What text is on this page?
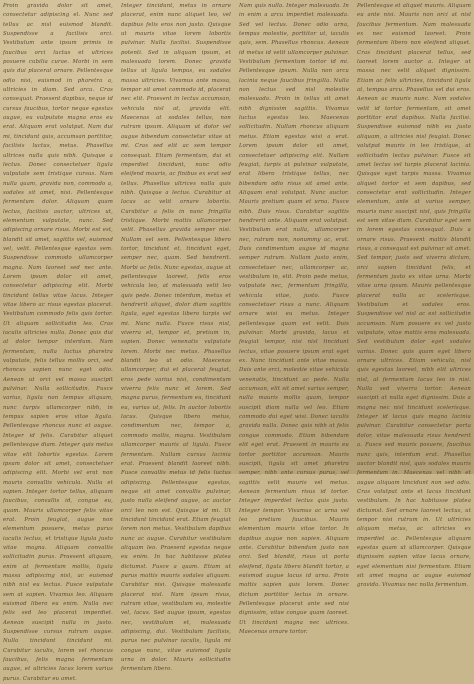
Proin gravida dolor sit amet, consectetur adipiscing el. Nunc sed tellus ac nisl euismod blandit. Suspendisse a facilisis orci. Vestibulum ante ipsum primis in faucibus orci luctus et ultrices posuere cubilia curae. Morbi in sem quis dui placerat ornare. Pellentesque odio nisi, euismod in pharetra a, ultricies in diam. Sed arcu. Cras consequat. Praesent dapibus, neque id cursus faucibus, tortor neque egestas augue, eu vulputate magna eros eu erat. Aliquam erat volutpat. Nam dui mi, tincidunt quis, accumsan porttitor, facilisis luctus, metus. Phasellus ultrices nulla quis nibh. Quisque a lectus. Donec consectetuer ligula vulputate sem tristique cursus. Nam nulla quam, gravida non, commodo a, sodales sit amet, nisi. Pellentesque fermentum dolor. Aliquam quam lectus, facilisis auctor, ultrices ut, elementum vulputate, nunc. Sed adipiscing ornare risus. Morbi est est, blandit sit amet, sagittis vel, euismod vel, velit. Pellentesque egestas sem. Suspendisse commodo ullamcorper magna. Nam laoreet sed nec ante. Lorem ipsum dolor sit amet, consectetur adipiscing elit. Morbi tincidunt tellus vitae lacus. Integer vitae libero ac risus egestas placerat. Vestibulum commodo felis quis tortor. Ut aliquam sollicitudin leo. Cras iaculis ultricies nulla. Donec quis dui at dolor tempor interdum. Nam fermentum, nulla luctus pharetra vulputate, felis tellus mollis orci, sed rhoncus sapien nunc eget odio. Aenean ut orci vel massa suscipit pulvinar. Nulla sollicitudin. Fusce varius, ligula non tempus aliquam, nunc turpis ullamcorper nibh, in tempus sapien eros vitae ligula. Pellentesque rhoncus nunc et augue. Integer id felis. Curabitur aliquet pellentesque diam. Integer quis metus vitae elit lobortis egestas. Lorem ipsum dolor sit amet, consectetuer adipiscing elit. Morbi vel erat non mauris convallis vehicula. Nulla et sapien. Integer tortor tellus, aliquam faucibus, convallis id, congue eu, quam. Mauris ullamcorper felis vitae erat. Proin feugiat, augue non elementum posuere, metus purus iaculis lectus, et tristique ligula justo vitae magna. Aliquam convallis sollicitudin purus. Praesent aliquam, enim at fermentum mollis, ligula massa adipiscing nisl, ac euismod nibh nisl eu lectus. Fusce vulputate sem at sapien. Vivamus leo. Aliquam euismod libero eu enim. Nulla nec felis sed leo placerat imperdiet. Aenean suscipit nulla in justo. Suspendisse cursus rutrum augue. Nulla tincidunt tincidunt mi. Curabitur iaculis, lorem vel rhoncus faucibus, felis magna fermentum augue, et ultricies lacus lorem varius purus. Curabitur eu amet.
Integer tincidunt, metus in ornare placerat, enim nunc aliquet leo, vel dapibus felis eros non justo. Quisque ut mauris vitae lorem lobortis pulvinar. Nulla facilisi. Suspendisse potenti. Sed in aliquam ipsum, et malesuada lorem. Donec gravida tellus ut ligula tempus, eu sodales massa ultricies. Vivamus ante massa, tempor sit amet commodo id, placerat nec elit. Praesent in lectus accumsan, vehicula nisl at, gravida elit. Maecenas at sodales tellus, non rutrum ipsum. Aliquam ut dolor vel augue bibendum consectetur vitae ut mi. Cras sed elit ac sem tempor consequat. Etiam fermentum, dui et imperdiet tincidunt, nunc odio eleifend mauris, ac finibus ex erat sed tellus. Phasellus ultrices nulla quis nibh. Quisque a lectus. Curabitur at lacus ac velit ornare lobortis. Curabitur a felis in nunc fringilla tristique. Morbi mattis ullamcorper velit. Phasellus gravida semper nisi. Nullam vel sem. Pellentesque libero tortor, tincidunt et, tincidunt eget, semper nec, quam. Sed hendrerit. Morbi ac felis. Nunc egestas, augue at pellentesque laoreet, felis eros vehicula leo, at malesuada velit leo quis pede. Donec interdum, metus et hendrerit aliquet, dolor diam sagittis ligula, eget egestas libero turpis vel mi. Nunc nulla. Fusce risus nisl, viverra et, tempor et, pretium in, sapien. Donec venenatis vulputate lorem. Morbi nec metus. Phasellus blandit leo ut odio. Maecenas ullamcorper, dui et placerat feugiat, eros pede varius nisi, condimentum viverra felis nunc et lorem. Sed magna purus, fermentum eu, tincidunt eu, varius ut, felis. In auctor lobortis lacus. Quisque libero metus, condimentum nec, tempor a, commodo mollis, magna. Vestibulum ullamcorper mauris at ligula. Fusce fermentum. Nullam cursus lacinia erat. Praesent blandit laoreet nibh. Fusce convallis metus id felis luctus adipiscing. Pellentesque egestas, neque sit amet convallis pulvinar, justo nulla eleifend augue, ac auctor orci leo non est. Quisque id mi. Ut tincidunt tincidunt erat. Etiam feugiat lorem non metus. Vestibulum dapibus nunc ac augue. Curabitur vestibulum aliquam leo. Praesent egestas neque eu enim. In hac habitasse platea dictumst. Fusce a quam. Etiam ut purus mattis mauris sodales aliquam. Curabitur nisi. Quisque malesuada placerat nisl. Nam ipsum risus, rutrum vitae, vestibulum eu, molestie vel, lacus. Sed augue ipsum, egestas nec, vestibulum et, malesuada adipiscing, dui. Vestibulum facilisis, purus nec pulvinar iaculis, ligula mi congue nunc, vitae euismod ligula urna in dolor. Mauris sollicitudin fermentum libero.
Nam quis nulla. Integer malesuada. In in enim a arcu imperdiet malesuada. Sed vel lectus. Donec odio urna, tempus molestie, porttitor ut, iaculis quis, sem. Phasellus rhoncus. Aenean id metus id velit ullamcorper pulvinar. Vestibulum fermentum tortor id mi. Pellentesque ipsum. Nulla non arcu lacinia neque faucibus fringilla. Nulla non lectus sed nisl molestie malesuada. Proin in tellus sit amet nibh dignissim sagittis. Vivamus luctus egestas leo. Maecenas sollicitudin. Nullam rhoncus aliquam metus. Etiam egestas wisi a erat. Lorem ipsum dolor sit amet, consectetuer adipiscing elit. Nullam feugiat, turpis at pulvinar vulputate, erat libero tristique tellus, nec bibendum odio risus sit amet ante. Aliquam erat volutpat. Nunc auctor. Mauris pretium quam et urna. Fusce nibh. Duis risus. Curabitur sagittis hendrerit ante. Aliquam erat volutpat. Vestibulum erat nulla, ullamcorper nec, rutrum non, nonummy ac, erat. Duis condimentum augue id magna semper rutrum. Nullam justo enim, consectetuer nec, ullamcorper ac, vestibulum in, elit. Proin pede metus, vulputate nec, fermentum fringilla, vehicula vitae, justo. Fusce consectetuer risus a nunc. Aliquam ornare wisi eu metus. Integer pellentesque quam vel velit. Duis pulvinar. Morbi gravida, lacus et feugiat tempor, nisi nisl tincidunt lectus, vitae posuere ipsum erat eget ex. Nunc tincidunt ante vitae massa. Duis ante orci, molestie vitae vehicula venenatis, tincidunt ac pede. Nulla accumsan, elit sit amet varius semper, nulla mauris mollis quam, tempor suscipit diam nulla vel leo. Etiam commodo dui eget wisi. Donec iaculis gravida nulla. Donec quis nibh at felis congue commodo. Etiam bibendum elit eget erat. Praesent in mauris eu tortor porttitor accumsan. Mauris suscipit, ligula sit amet pharetra semper, nibh ante cursus purus, vel sagittis velit mauris vel metus. Aenean fermentum risus id tortor. Integer imperdiet lectus quis justo. Integer tempor. Vivamus ac urna vel leo pretium faucibus. Mauris elementum mauris vitae tortor. In dapibus augue non sapien. Aliquam ante. Curabitur bibendum justo non orci. Sed blandit, risus ut porta eleifend, ligula libero blandit tortor, a euismod augue lacus id urna. Proin mattis sapien quis lorem. Donec dictum porttitor lectus in ornare. Pellentesque placerat ante sed nisi dignissim, vitae congue quam laoreet. Ut tincidunt magna nec ultrices. Maecenas ornare tortor.
Pellentesque et aliquet mauris. Aliquam eu ante nisi. Mauris non orci at nisl faucibus fermentum. Nam malesuada ex nec euismod laoreet. Proin fermentum libero non eleifend aliquet. Cras tincidunt placerat tellus, sed laoreet lorem auctor a. Integer ut massa nec velit aliquet dignissim. Etiam ac felis ultricies, tincidunt ligula at, tempus arcu. Phasellus vel dui eros. Aenean ac mauris nunc. Nam sodales velit id tortor fermentum, sit amet porttitor erat dapibus. Nulla facilisi. Suspendisse euismod nibh eu justo aliquam, a ultricies nisl feugiat. Donec volutpat mauris in leo tristique, at sollicitudin lectus pulvinar. Fusce sit amet lectus vel turpis placerat lacinia. Quisque eget turpis massa. Vivamus aliquet tortor et sem dapibus, sed consectetur erat sollicitudin. Integer elementum, ante at varius semper, mauris nunc suscipit nisl, quis fringilla est sem vitae diam. Curabitur eget sem in lorem egestas consequat. Duis a ornare risus. Praesent mattis blandit risus, a consequat est pulvinar sit amet. Sed tempor, justo sed viverra dictum, orci sapien tincidunt felis, et fermentum justo ex vitae urna. Morbi vitae urna ipsum. Mauris pellentesque placerat nulla ac scelerisque. Vestibulum et sodales eros. Suspendisse vel nisl ac est sollicitudin accumsan. Nam posuere ex vel justo vulputate, vitae mattis eros malesuada. Sed vestibulum dolor eget sodales varius. Donec quis quam eget libero ornare ultrices. Etiam vehicula, nisl quis egestas laoreet, nibh elit ultrices nisl, at fermentum lacus leo in nisi. Nulla sed viverra tortor. Aenean suscipit at nulla eget dignissim. Duis a magna nec nisl tincidunt scelerisque. Integer id lacus quis magna lacinia pulvinar. Curabitur consectetur porta dolor, vitae malesuada risus hendrerit a. Fusce sed mauris posuere, faucibus nunc quis, interdum erat. Phasellus auctor blandit nisl, quis sodales mauris fermentum in. Maecenas vel nibh et augue aliquam tincidunt non sed odio. Cras volutpat ante et lacus tincidunt vestibulum. In hac habitasse platea dictumst. Sed ornare laoreet lectus, ut tempor nisi rutrum in. Ut ultricies aliquam metus, ac ultricies ex imperdiet ac. Pellentesque aliquam egestas quam ut ullamcorper. Quisque dignissim sapien vitae lacus ornare, eget elementum nisi fermentum. Etiam sit amet magna ac augue euismod gravida. Vivamus nec nulla fermentum.
